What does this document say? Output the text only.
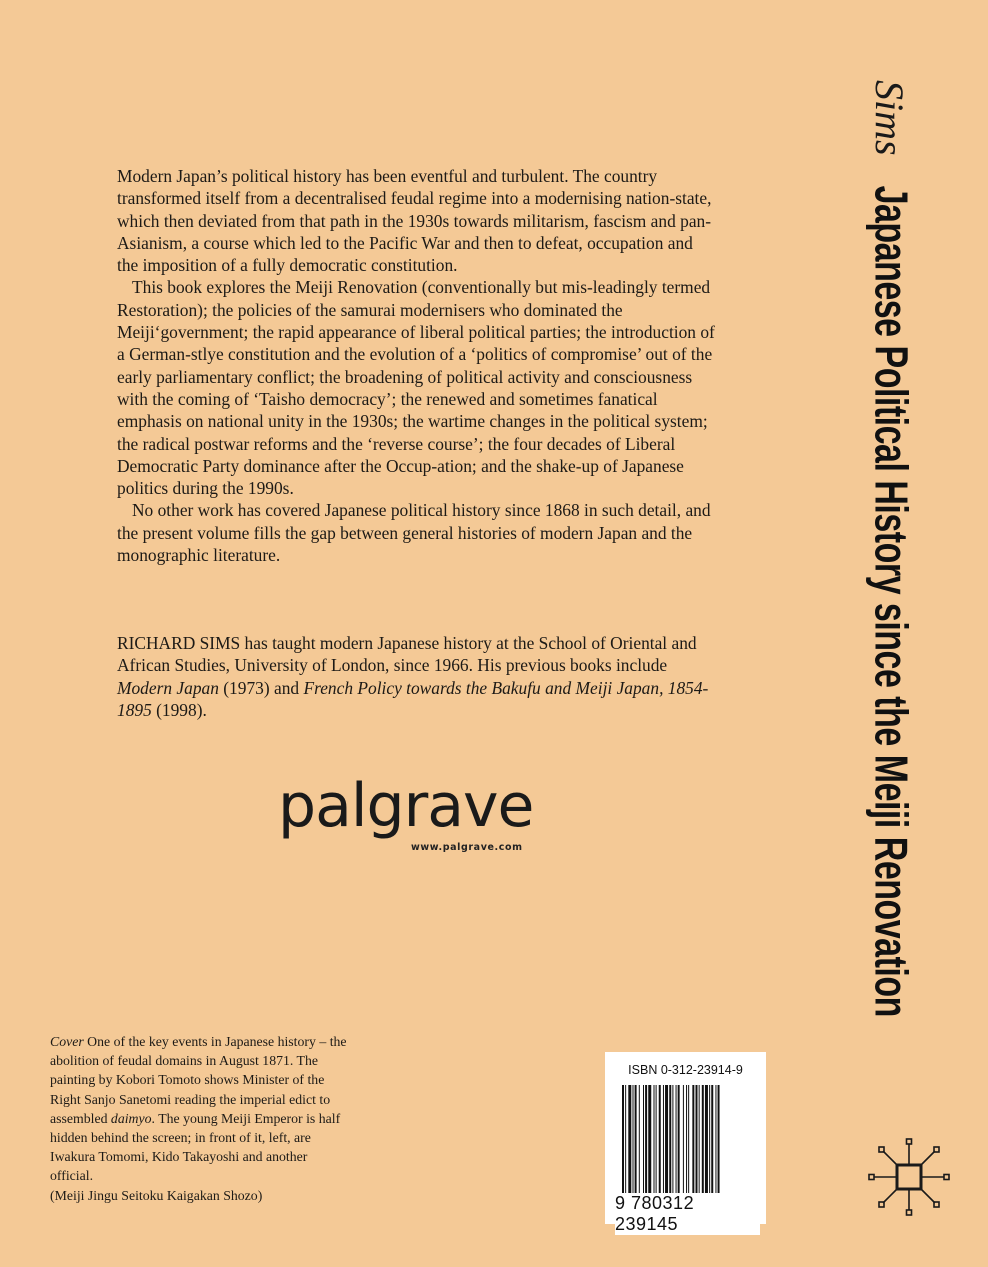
Modern Japan’s political history has been eventful and turbulent. The country transformed itself from a decentralised feudal regime into a modernising nation-state, which then deviated from that path in the 1930s towards militarism, fascism and pan-Asianism, a course which led to the Pacific War and then to defeat, occupation and the imposition of a fully democratic constitution.

This book explores the Meiji Renovation (conventionally but mis-leadingly termed Restoration); the policies of the samurai modernisers who dominated the Meiji‘government; the rapid appearance of liberal political parties; the introduction of a German-stlye constitution and the evolution of a ‘politics of compromise’ out of the early parliamentary conflict; the broadening of political activity and consciousness with the coming of ‘Taisho democracy’; the renewed and sometimes fanatical emphasis on national unity in the 1930s; the wartime changes in the political system; the radical postwar reforms and the ‘reverse course’; the four decades of Liberal Democratic Party dominance after the Occup-ation; and the shake-up of Japanese politics during the 1990s.

No other work has covered Japanese political history since 1868 in such detail, and the present volume fills the gap between general histories of modern Japan and the monographic literature.

RICHARD SIMS has taught modern Japanese history at the School of Oriental and African Studies, University of London, since 1966. His previous books include Modern Japan (1973) and French Policy towards the Bakufu and Meiji Japan, 1854-1895 (1998).

palgrave
www.palgrave.com

Cover One of the key events in Japanese history – the abolition of feudal domains in August 1871. The painting by Kobori Tomoto shows Minister of the Right Sanjo Sanetomi reading the imperial edict to assembled daimyo. The young Meiji Emperor is half hidden behind the screen; in front of it, left, are Iwakura Tomomi, Kido Takayoshi and another official.

(Meiji Jingu Seitoku Kaigakan Shozo)

ISBN 0-312-23914-9
9 780312 239145
SimsJapanese Political History since the Meiji Renovation
